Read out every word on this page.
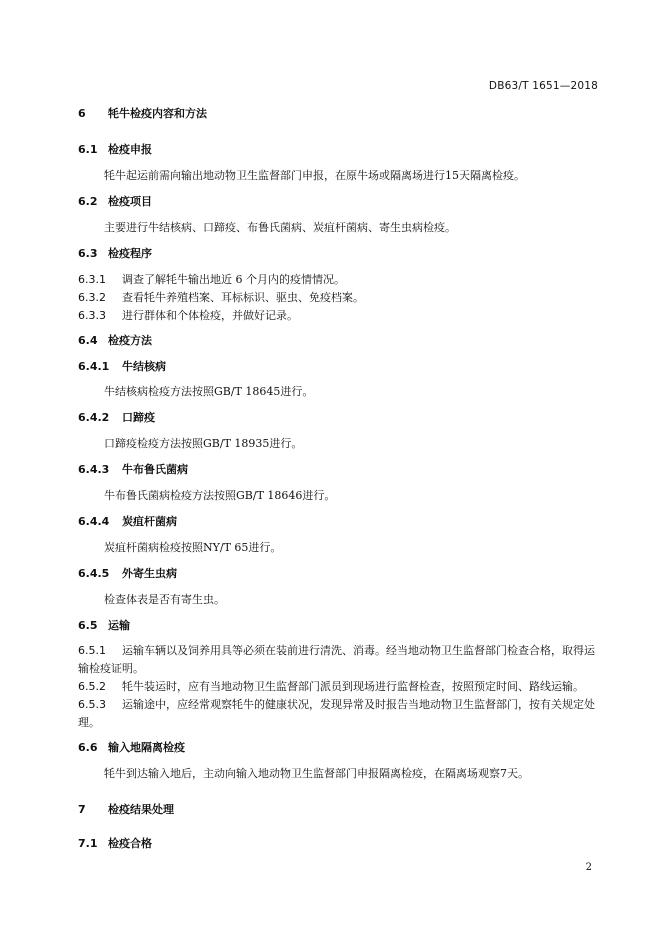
DB63/T 1651—2018
6 牦牛检疫内容和方法
6.1 检疫申报
牦牛起运前需向输出地动物卫生监督部门申报，在原牛场或隔离场进行15天隔离检疫。
6.2 检疫项目
主要进行牛结核病、口蹄疫、布鲁氏菌病、炭疽杆菌病、寄生虫病检疫。
6.3 检疫程序
6.3.1 调查了解牦牛输出地近 6 个月内的疫情情况。
6.3.2 查看牦牛养殖档案、耳标标识、驱虫、免疫档案。
6.3.3 进行群体和个体检疫，并做好记录。
6.4 检疫方法
6.4.1 牛结核病
牛结核病检疫方法按照GB/T 18645进行。
6.4.2 口蹄疫
口蹄疫检疫方法按照GB/T 18935进行。
6.4.3 牛布鲁氏菌病
牛布鲁氏菌病检疫方法按照GB/T 18646进行。
6.4.4 炭疽杆菌病
炭疽杆菌病检疫按照NY/T 65进行。
6.4.5 外寄生虫病
检查体表是否有寄生虫。
6.5 运输
6.5.1 运输车辆以及饲养用具等必须在装前进行清洗、消毒。经当地动物卫生监督部门检查合格，取得运输检疫证明。
6.5.2 牦牛装运时，应有当地动物卫生监督部门派员到现场进行监督检查，按照预定时间、路线运输。
6.5.3 运输途中，应经常观察牦牛的健康状况，发现异常及时报告当地动物卫生监督部门，按有关规定处理。
6.6 输入地隔离检疫
牦牛到达输入地后，主动向输入地动物卫生监督部门申报隔离检疫，在隔离场观察7天。
7 检疫结果处理
7.1 检疫合格
2
